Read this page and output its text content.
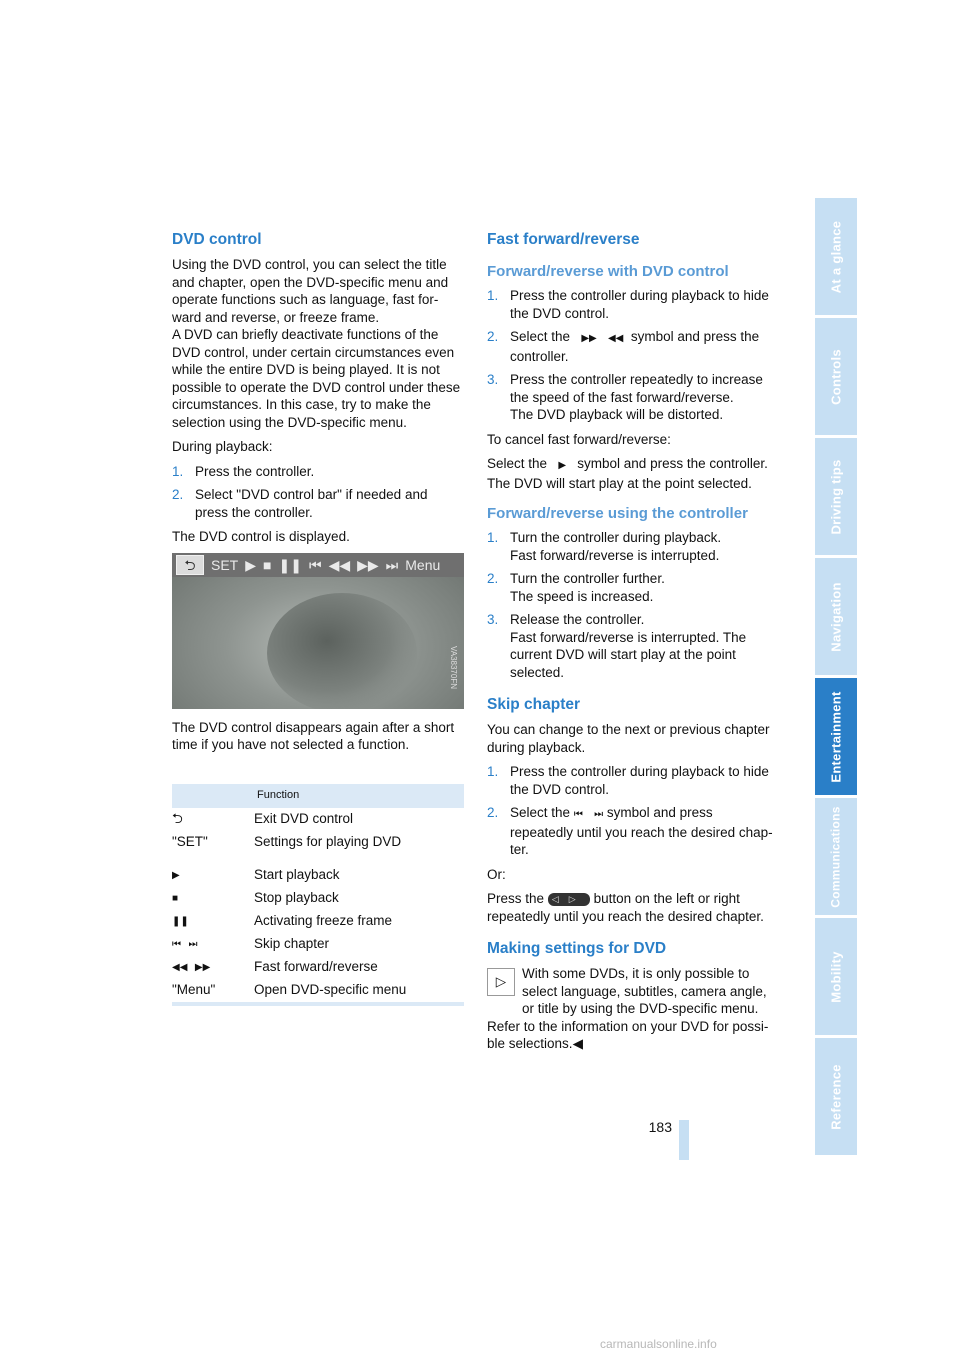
DVD control

Using the DVD control, you can select the title and chapter, open the DVD-specific menu and operate functions such as language, fast for-ward and reverse, or freeze frame.

A DVD can briefly deactivate functions of the DVD control, under certain circumstances even while the entire DVD is being played. It is not possible to operate the DVD control under these circumstances. In this case, try to make the selection using the DVD-specific menu.

During playback:

1. Press the controller.
2. Select "DVD control bar" if needed and press the controller.

The DVD control is displayed.

⮌	SET ▶ ■ ❚❚ ⏮ ◀◀ ▶▶ ⏭ Menu
VA38370FN

The DVD control disappears again after a short time if you have not selected a function.

Function	
⮌	Exit DVD control
"SET"	Settings for playing DVD

▶	Start playback
■	Stop playback
❚❚	Activating freeze frame
⏮ ⏭	Skip chapter
◀◀ ▶▶	Fast forward/reverse
"Menu"	Open DVD-specific menu
Fast forward/reverse
Forward/reverse with DVD control
1. Press the controller during playback to hide the DVD control.
2. Select the ▶▶ ◀◀ symbol and press the controller.
3. Press the controller repeatedly to increase the speed of the fast forward/reverse.
The DVD playback will be distorted.

To cancel fast forward/reverse:

Select the ▶ symbol and press the controller. The DVD will start play at the point selected.

Forward/reverse using the controller
1. Turn the controller during playback.
Fast forward/reverse is interrupted.
2. Turn the controller further.
The speed is increased.
3. Release the controller.
Fast forward/reverse is interrupted. The current DVD will start play at the point selected.
Skip chapter

You can change to the next or previous chapter during playback.

1. Press the controller during playback to hide the DVD control.
2. Select the ⏮ ⏭ symbol and press repeatedly until you reach the desired chap-ter.

Or:

Press the ◁    ▷ button on the left or right repeatedly until you reach the desired chapter.

Making settings for DVD
▷
With some DVDs, it is only possible to select language, subtitles, camera angle, or title by using the DVD-specific menu.

Refer to the information on your DVD for possi-ble selections.◀

At a glance
Controls
Driving tips
Navigation
Entertainment
Communications
Mobility
Reference
183
carmanualsonline.info
